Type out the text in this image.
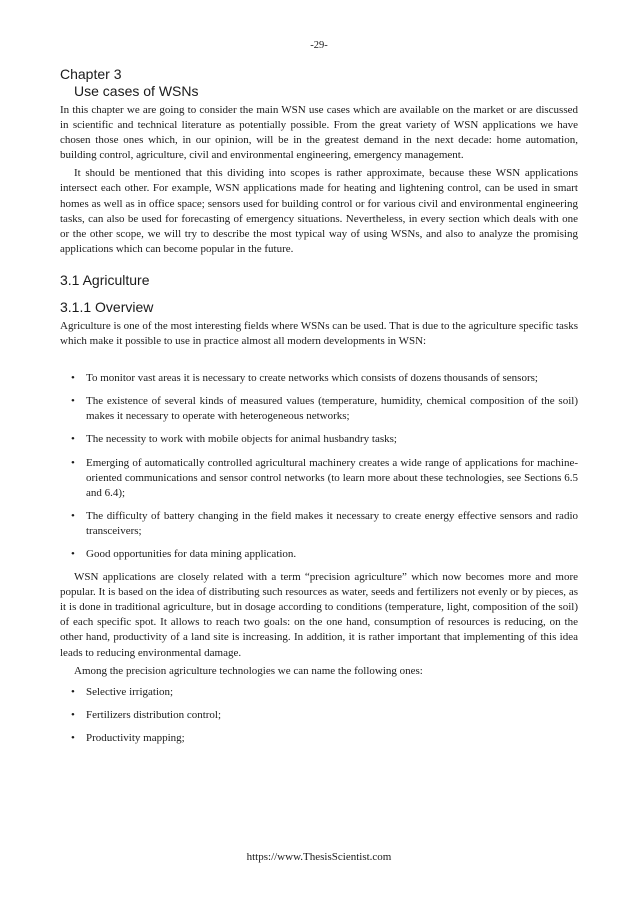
-29-
Chapter 3
Use cases of WSNs

In this chapter we are going to consider the main WSN use cases which are available on the market or are discussed in scientific and technical literature as potentially possible. From the great variety of WSN applications we have chosen those ones which, in our opinion, will be in the greatest demand in the next decade: home automation, building control, agriculture, civil and environmental engineering, emergency management.

It should be mentioned that this dividing into scopes is rather approximate, because these WSN applications intersect each other. For example, WSN applications made for heating and lightening control, can be used in smart homes as well as in office space; sensors used for building control or for various civil and environmental engineering tasks, can also be used for forecasting of emergency situations. Nevertheless, in every section which deals with one or the other scope, we will try to describe the most typical way of using WSNs, and also to analyze the promising applications which can become popular in the future.

3.1 Agriculture
3.1.1 Overview

Agriculture is one of the most interesting fields where WSNs can be used. That is due to the agriculture specific tasks which make it possible to use in practice almost all modern developments in WSN:

• To monitor vast areas it is necessary to create networks which consists of dozens thousands of sensors;
• The existence of several kinds of measured values (temperature, humidity, chemical composition of the soil) makes it necessary to operate with heterogeneous networks;
• The necessity to work with mobile objects for animal husbandry tasks;
• Emerging of automatically controlled agricultural machinery creates a wide range of applications for machine-oriented communications and sensor control networks (to learn more about these technologies, see Sections 6.5 and 6.4);
• The difficulty of battery changing in the field makes it necessary to create energy effective sensors and radio transceivers;
• Good opportunities for data mining application.

WSN applications are closely related with a term “precision agriculture” which now becomes more and more popular. It is based on the idea of distributing such resources as water, seeds and fertilizers not evenly or by pieces, as it is done in traditional agriculture, but in dosage according to conditions (temperature, light, composition of the soil) of each specific spot. It allows to reach two goals: on the one hand, consumption of resources is reducing, on the other hand, productivity of a land site is increasing. In addition, it is rather important that implementing of this idea leads to reducing environmental damage.

Among the precision agriculture technologies we can name the following ones:

• Selective irrigation;
• Fertilizers distribution control;
• Productivity mapping;
https://www.ThesisScientist.com
